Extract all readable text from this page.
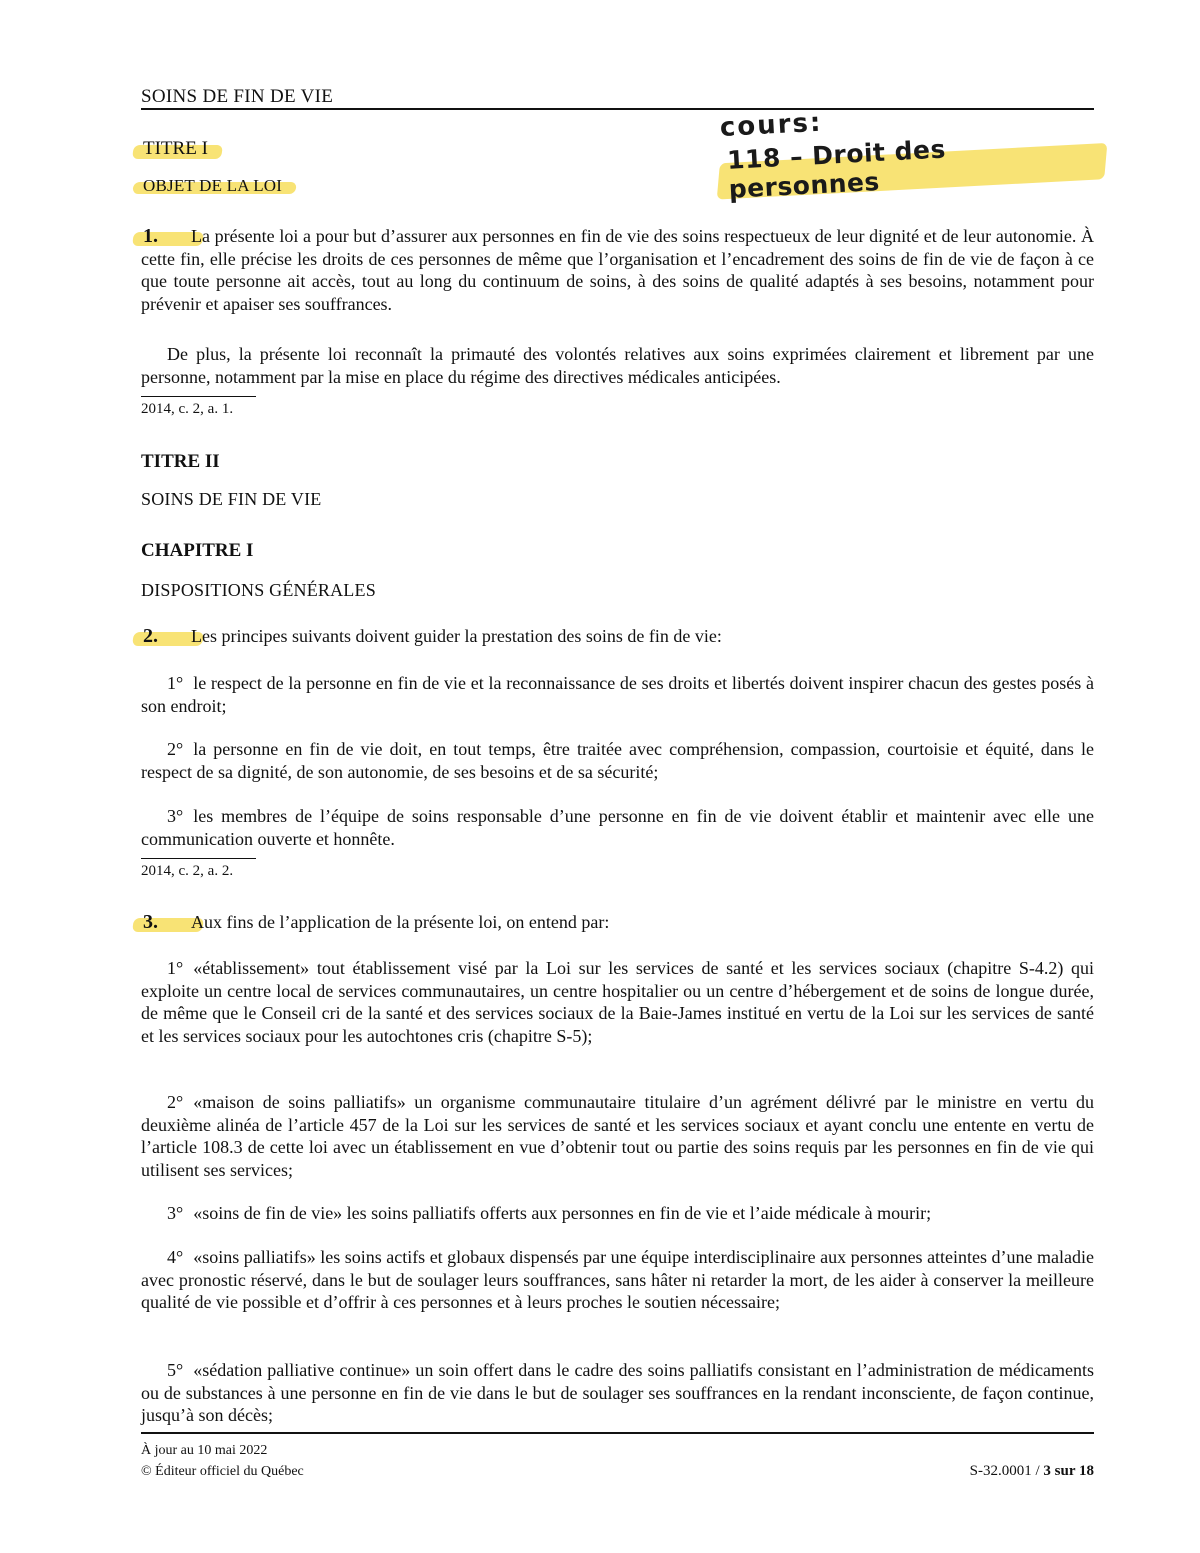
SOINS DE FIN DE VIE
cours:
118 – Droit des personnes
TITRE I
OBJET DE LA LOI

1. La présente loi a pour but d’assurer aux personnes en fin de vie des soins respectueux de leur dignité et de leur autonomie. À cette fin, elle précise les droits de ces personnes de même que l’organisation et l’encadrement des soins de fin de vie de façon à ce que toute personne ait accès, tout au long du continuum de soins, à des soins de qualité adaptés à ses besoins, notamment pour prévenir et apaiser ses souffrances.

De plus, la présente loi reconnaît la primauté des volontés relatives aux soins exprimées clairement et librement par une personne, notamment par la mise en place du régime des directives médicales anticipées.

2014, c. 2, a. 1.
TITRE II
SOINS DE FIN DE VIE
CHAPITRE I
DISPOSITIONS GÉNÉRALES

2. Les principes suivants doivent guider la prestation des soins de fin de vie:

1° le respect de la personne en fin de vie et la reconnaissance de ses droits et libertés doivent inspirer chacun des gestes posés à son endroit;

2° la personne en fin de vie doit, en tout temps, être traitée avec compréhension, compassion, courtoisie et équité, dans le respect de sa dignité, de son autonomie, de ses besoins et de sa sécurité;

3° les membres de l’équipe de soins responsable d’une personne en fin de vie doivent établir et maintenir avec elle une communication ouverte et honnête.

2014, c. 2, a. 2.

3. Aux fins de l’application de la présente loi, on entend par:

1° «établissement» tout établissement visé par la Loi sur les services de santé et les services sociaux (chapitre S-4.2) qui exploite un centre local de services communautaires, un centre hospitalier ou un centre d’hébergement et de soins de longue durée, de même que le Conseil cri de la santé et des services sociaux de la Baie-James institué en vertu de la Loi sur les services de santé et les services sociaux pour les autochtones cris (chapitre S-5);

2° «maison de soins palliatifs» un organisme communautaire titulaire d’un agrément délivré par le ministre en vertu du deuxième alinéa de l’article 457 de la Loi sur les services de santé et les services sociaux et ayant conclu une entente en vertu de l’article 108.3 de cette loi avec un établissement en vue d’obtenir tout ou partie des soins requis par les personnes en fin de vie qui utilisent ses services;

3° «soins de fin de vie» les soins palliatifs offerts aux personnes en fin de vie et l’aide médicale à mourir;

4° «soins palliatifs» les soins actifs et globaux dispensés par une équipe interdisciplinaire aux personnes atteintes d’une maladie avec pronostic réservé, dans le but de soulager leurs souffrances, sans hâter ni retarder la mort, de les aider à conserver la meilleure qualité de vie possible et d’offrir à ces personnes et à leurs proches le soutien nécessaire;

5° «sédation palliative continue» un soin offert dans le cadre des soins palliatifs consistant en l’administration de médicaments ou de substances à une personne en fin de vie dans le but de soulager ses souffrances en la rendant inconsciente, de façon continue, jusqu’à son décès;

À jour au 10 mai 2022
© Éditeur officiel du Québec	S-32.0001 / 3 sur 18
